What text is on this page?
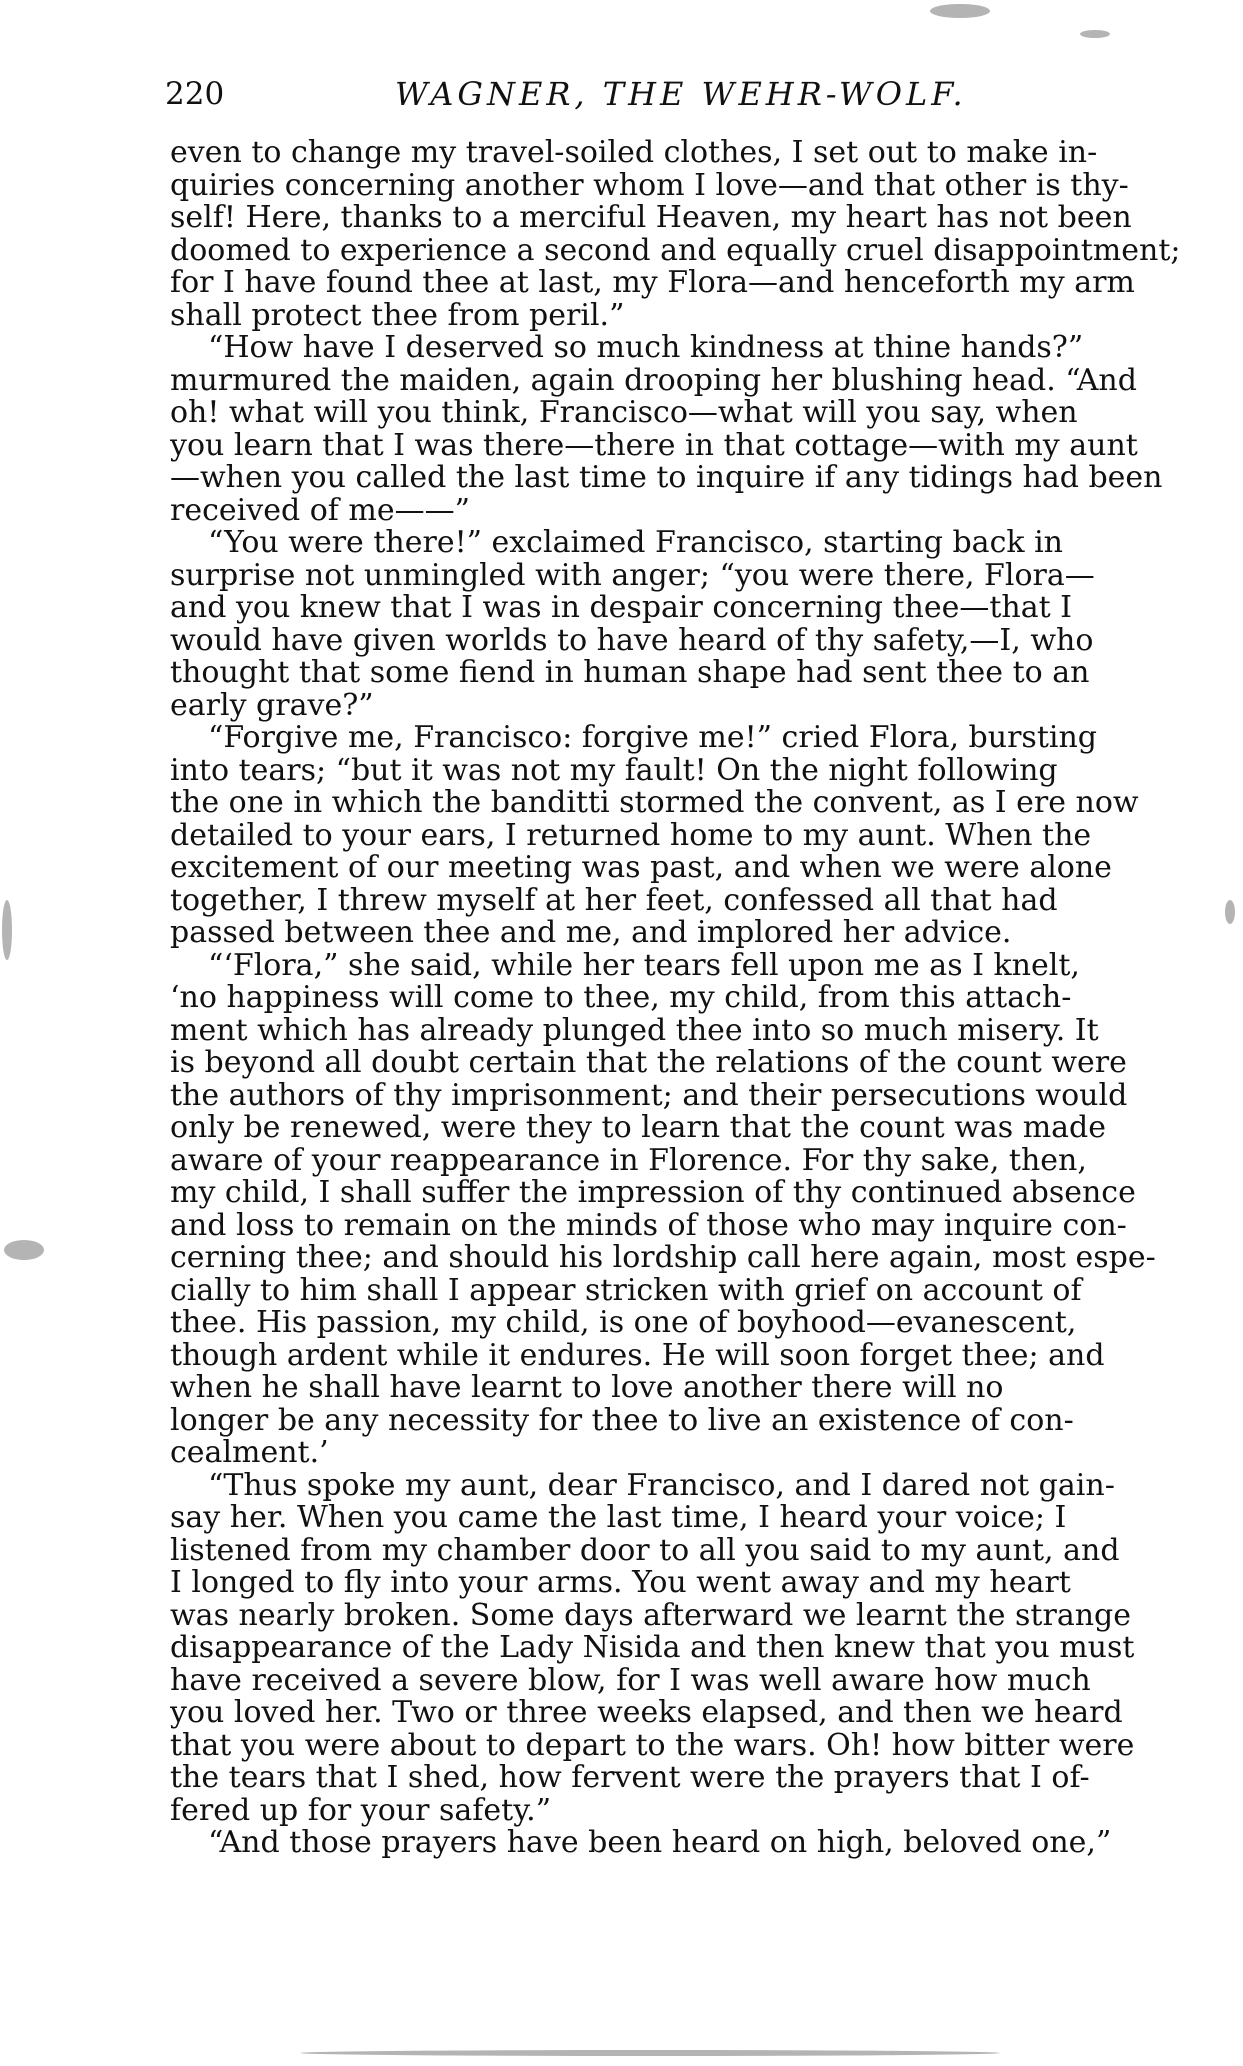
220	WAGNER, THE WEHR-WOLF.
even to change my travel-soiled clothes, I set out to make in-
quiries concerning another whom I love—and that other is thy-
self! Here, thanks to a merciful Heaven, my heart has not been
doomed to experience a second and equally cruel disappointment;
for I have found thee at last, my Flora—and henceforth my arm
shall protect thee from peril.”
“How have I deserved so much kindness at thine hands?”
murmured the maiden, again drooping her blushing head. “And
oh! what will you think, Francisco—what will you say, when
you learn that I was there—there in that cottage—with my aunt
—when you called the last time to inquire if any tidings had been
received of me——”
“You were there!” exclaimed Francisco, starting back in
surprise not unmingled with anger; “you were there, Flora—
and you knew that I was in despair concerning thee—that I
would have given worlds to have heard of thy safety,—I, who
thought that some fiend in human shape had sent thee to an
early grave?”
“Forgive me, Francisco: forgive me!” cried Flora, bursting
into tears; “but it was not my fault! On the night following
the one in which the banditti stormed the convent, as I ere now
detailed to your ears, I returned home to my aunt. When the
excitement of our meeting was past, and when we were alone
together, I threw myself at her feet, confessed all that had
passed between thee and me, and implored her advice.
“‘Flora,” she said, while her tears fell upon me as I knelt,
‘no happiness will come to thee, my child, from this attach-
ment which has already plunged thee into so much misery. It
is beyond all doubt certain that the relations of the count were
the authors of thy imprisonment; and their persecutions would
only be renewed, were they to learn that the count was made
aware of your reappearance in Florence. For thy sake, then,
my child, I shall suffer the impression of thy continued absence
and loss to remain on the minds of those who may inquire con-
cerning thee; and should his lordship call here again, most espe-
cially to him shall I appear stricken with grief on account of
thee. His passion, my child, is one of boyhood—evanescent,
though ardent while it endures. He will soon forget thee; and
when he shall have learnt to love another there will no
longer be any necessity for thee to live an existence of con-
cealment.’
“Thus spoke my aunt, dear Francisco, and I dared not gain-
say her. When you came the last time, I heard your voice; I
listened from my chamber door to all you said to my aunt, and
I longed to fly into your arms. You went away and my heart
was nearly broken. Some days afterward we learnt the strange
disappearance of the Lady Nisida and then knew that you must
have received a severe blow, for I was well aware how much
you loved her. Two or three weeks elapsed, and then we heard
that you were about to depart to the wars. Oh! how bitter were
the tears that I shed, how fervent were the prayers that I of-
fered up for your safety.”
“And those prayers have been heard on high, beloved one,”
